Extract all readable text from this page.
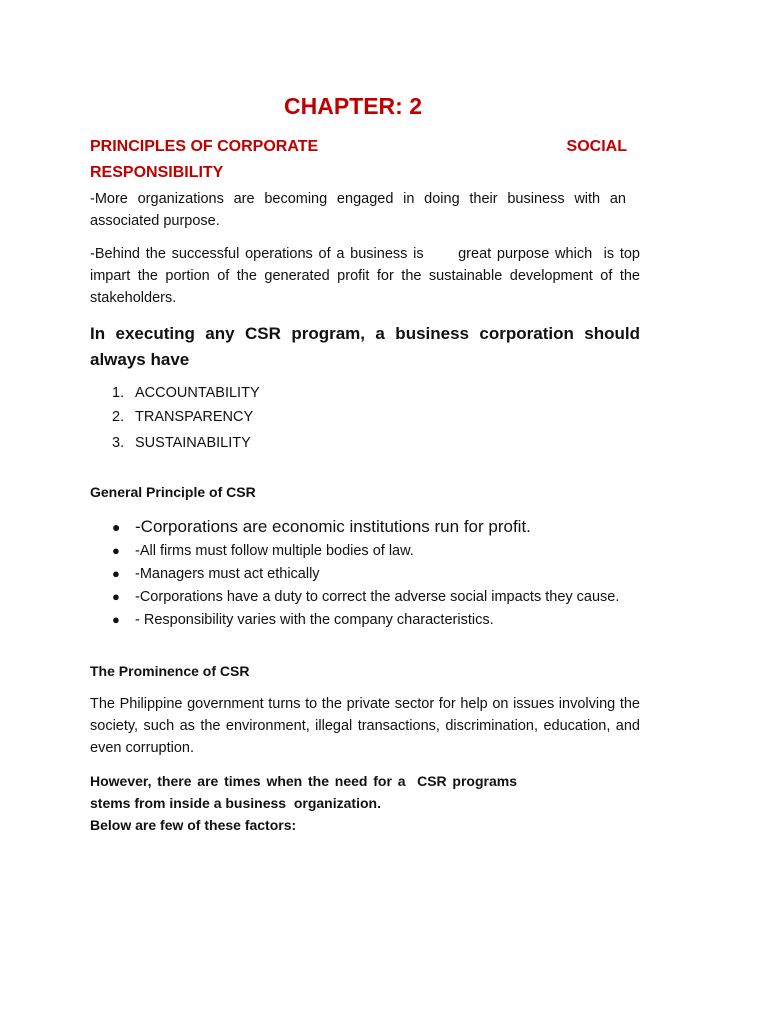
CHAPTER: 2
PRINCIPLES OF CORPORATE	SOCIAL
RESPONSIBILITY
-More organizations are becoming engaged in doing their business with an associated purpose.
-Behind the successful operations of a business is      great purpose which  is top impart the portion of the generated profit for the sustainable development of the stakeholders.
In executing any CSR program, a business corporation should always have
1. ACCOUNTABILITY
2. TRANSPARENCY
3. SUSTAINABILITY
General Principle of CSR
● -Corporations are economic institutions run for profit.
● -All firms must follow multiple bodies of law.
● -Managers must act ethically
● -Corporations have a duty to correct the adverse social impacts they cause.
● - Responsibility varies with the company characteristics.
The Prominence of CSR
The Philippine government turns to the private sector for help on issues involving the society, such as the environment, illegal transactions, discrimination, education, and even corruption.
However, there are times when the need for a  CSR programs stems from inside a business  organization.
Below are few of these factors:
